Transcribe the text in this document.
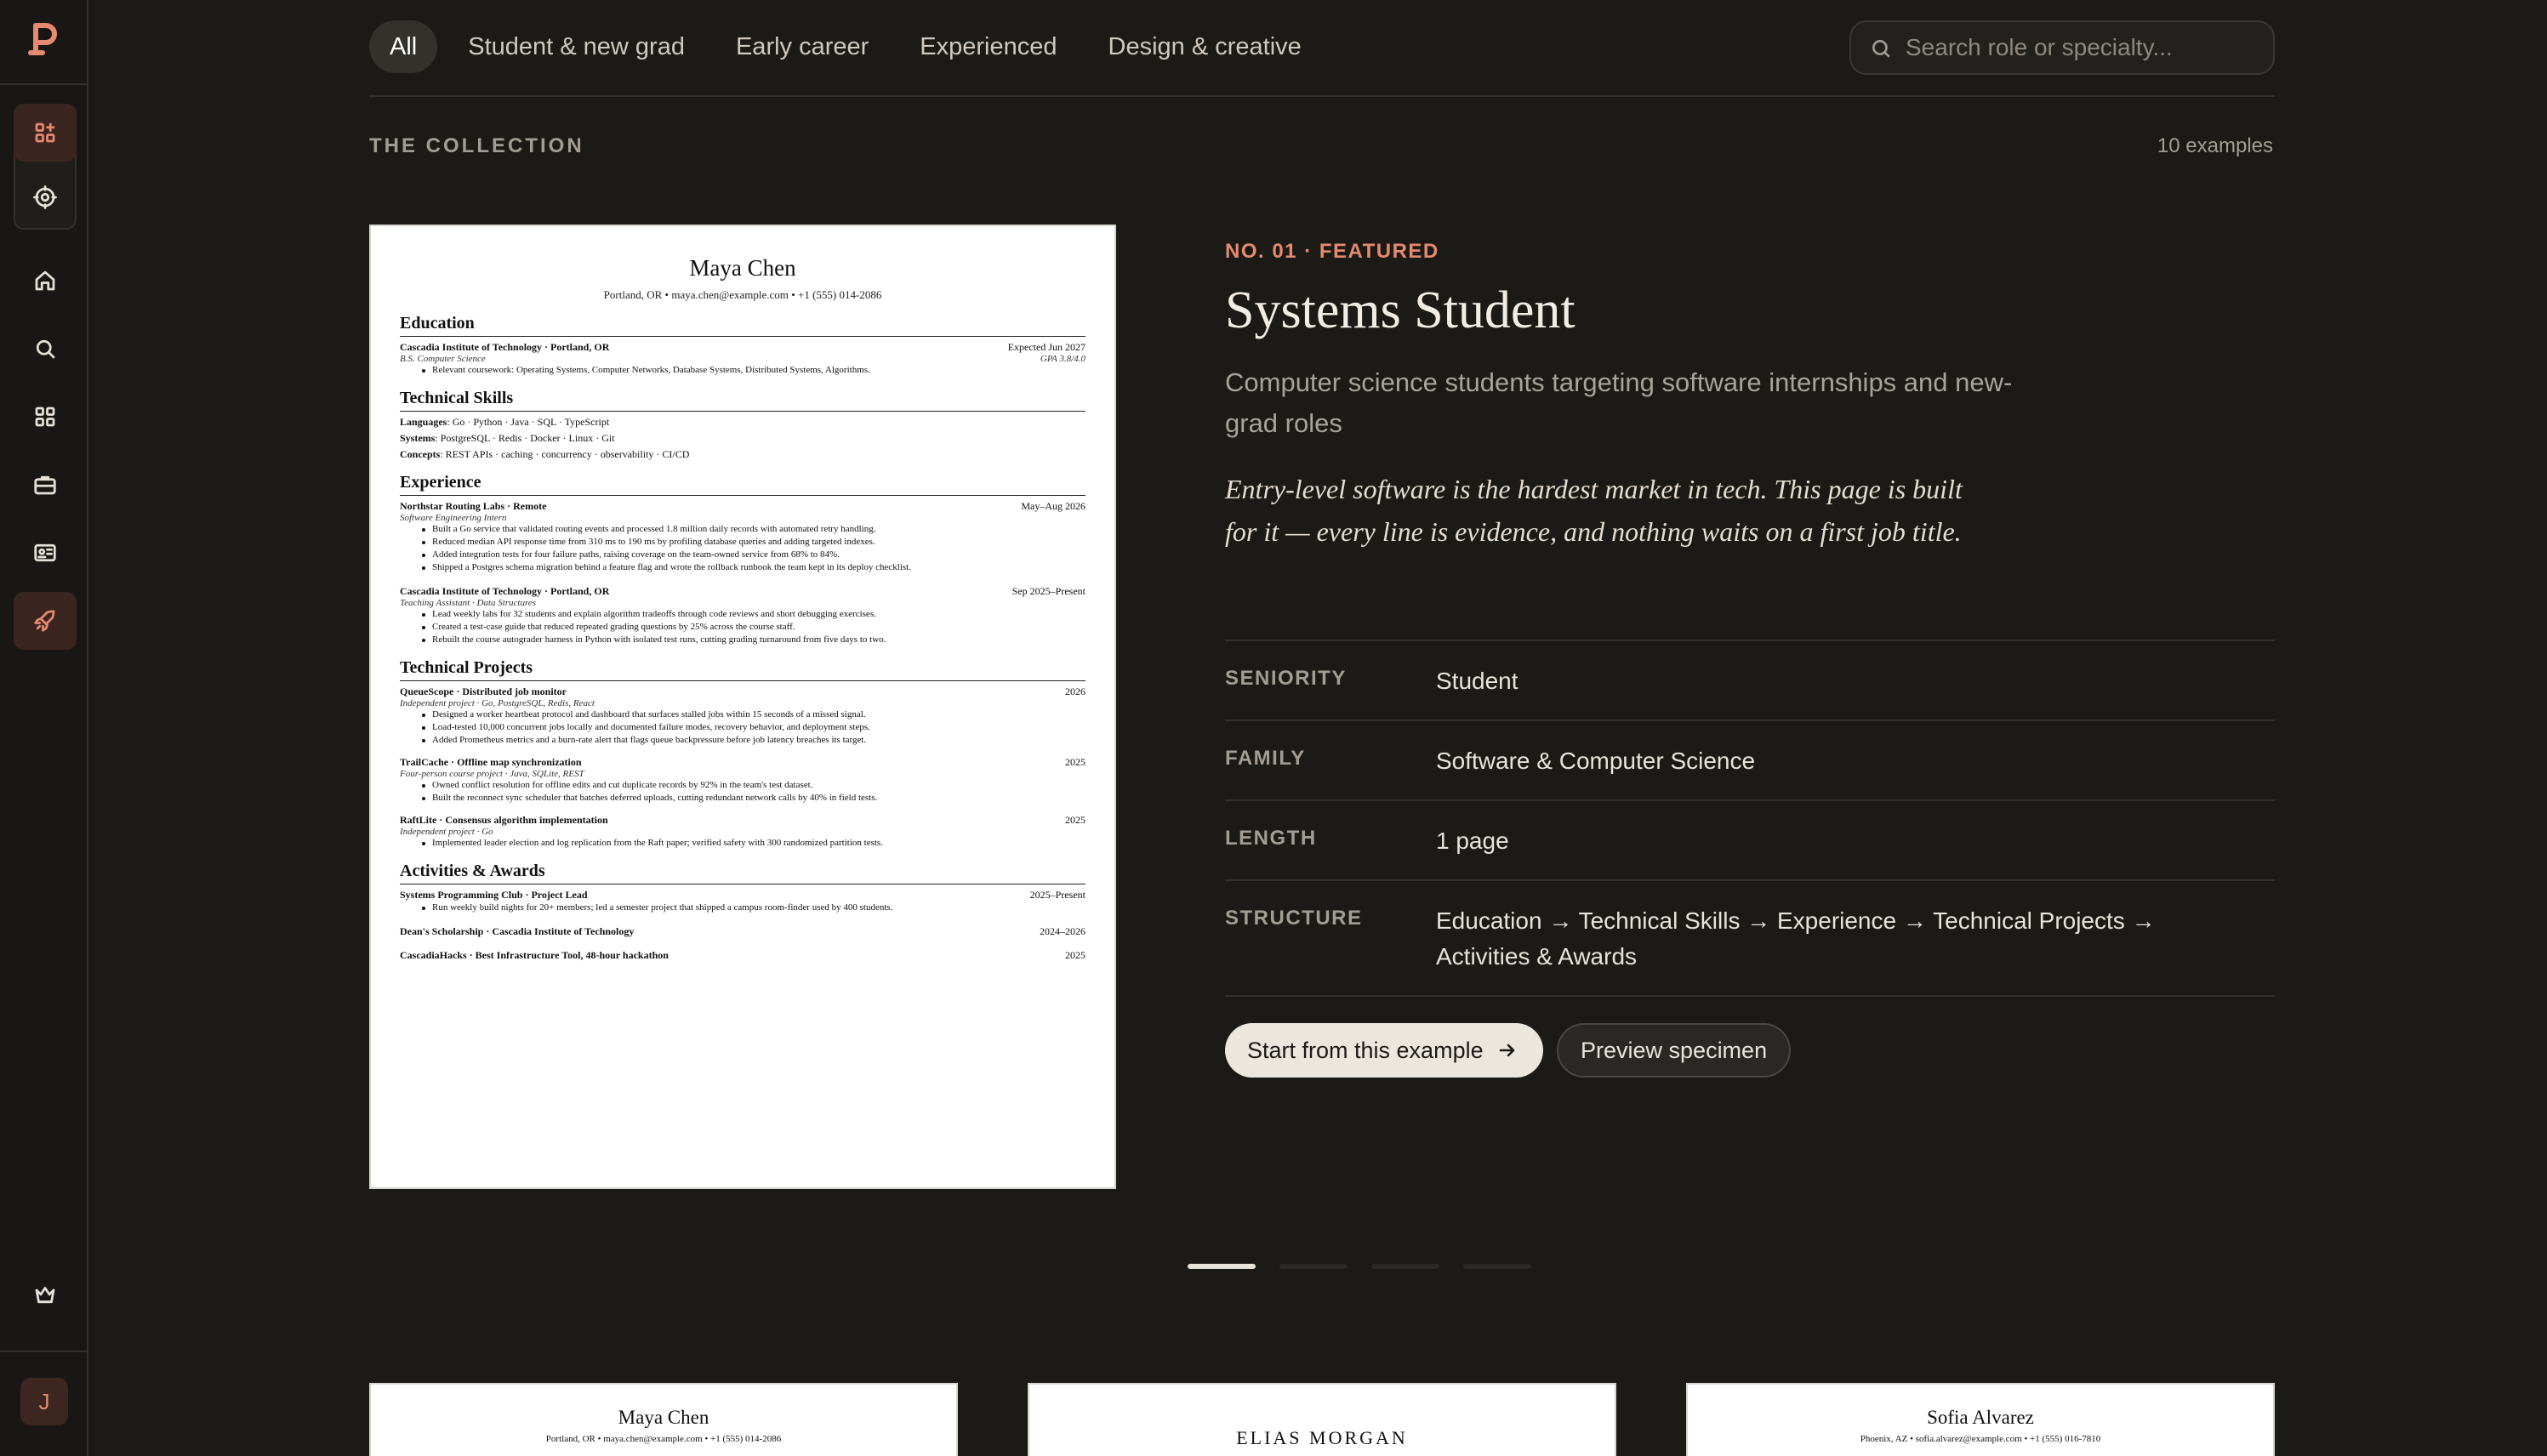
J
All	Student & new grad	Early career	Experienced	Design & creative
Search role or specialty...
THE COLLECTION	10 examples
Maya Chen
Portland, OR • maya.chen@example.com • +1 (555) 014-2086
Education
Cascadia Institute of Technology · Portland, OR	Expected Jun 2027
B.S. Computer Science	GPA 3.8/4.0
Relevant coursework: Operating Systems, Computer Networks, Database Systems, Distributed Systems, Algorithms.
Technical Skills
Languages: Go · Python · Java · SQL · TypeScript
Systems: PostgreSQL · Redis · Docker · Linux · Git
Concepts: REST APIs · caching · concurrency · observability · CI/CD
Experience
Northstar Routing Labs · Remote	May–Aug 2026
Software Engineering Intern
Built a Go service that validated routing events and processed 1.8 million daily records with automated retry handling.
Reduced median API response time from 310 ms to 190 ms by profiling database queries and adding targeted indexes.
Added integration tests for four failure paths, raising coverage on the team-owned service from 68% to 84%.
Shipped a Postgres schema migration behind a feature flag and wrote the rollback runbook the team kept in its deploy checklist.
Cascadia Institute of Technology · Portland, OR	Sep 2025–Present
Teaching Assistant · Data Structures
Lead weekly labs for 32 students and explain algorithm tradeoffs through code reviews and short debugging exercises.
Created a test-case guide that reduced repeated grading questions by 25% across the course staff.
Rebuilt the course autograder harness in Python with isolated test runs, cutting grading turnaround from five days to two.
Technical Projects
QueueScope · Distributed job monitor	2026
Independent project · Go, PostgreSQL, Redis, React
Designed a worker heartbeat protocol and dashboard that surfaces stalled jobs within 15 seconds of a missed signal.
Load-tested 10,000 concurrent jobs locally and documented failure modes, recovery behavior, and deployment steps.
Added Prometheus metrics and a burn-rate alert that flags queue backpressure before job latency breaches its target.
TrailCache · Offline map synchronization	2025
Four-person course project · Java, SQLite, REST
Owned conflict resolution for offline edits and cut duplicate records by 92% in the team's test dataset.
Built the reconnect sync scheduler that batches deferred uploads, cutting redundant network calls by 40% in field tests.
RaftLite · Consensus algorithm implementation	2025
Independent project · Go
Implemented leader election and log replication from the Raft paper; verified safety with 300 randomized partition tests.
Activities & Awards
Systems Programming Club · Project Lead	2025–Present
Run weekly build nights for 20+ members; led a semester project that shipped a campus room-finder used by 400 students.
Dean's Scholarship · Cascadia Institute of Technology	2024–2026
CascadiaHacks · Best Infrastructure Tool, 48-hour hackathon	2025
NO. 01 · FEATURED
Systems Student
Computer science students targeting software internships and new-grad roles
Entry-level software is the hardest market in tech. This page is built for it — every line is evidence, and nothing waits on a first job title.
SENIORITY	Student
FAMILY	Software & Computer Science
LENGTH	1 page
STRUCTURE	Education → Technical Skills → Experience → Technical Projects → Activities & Awards
Start from this example	Preview specimen
Maya Chen
Portland, OR • maya.chen@example.com • +1 (555) 014-2086	ELIAS MORGAN
Sofia Alvarez
Phoenix, AZ • sofia.alvarez@example.com • +1 (555) 016-7810
